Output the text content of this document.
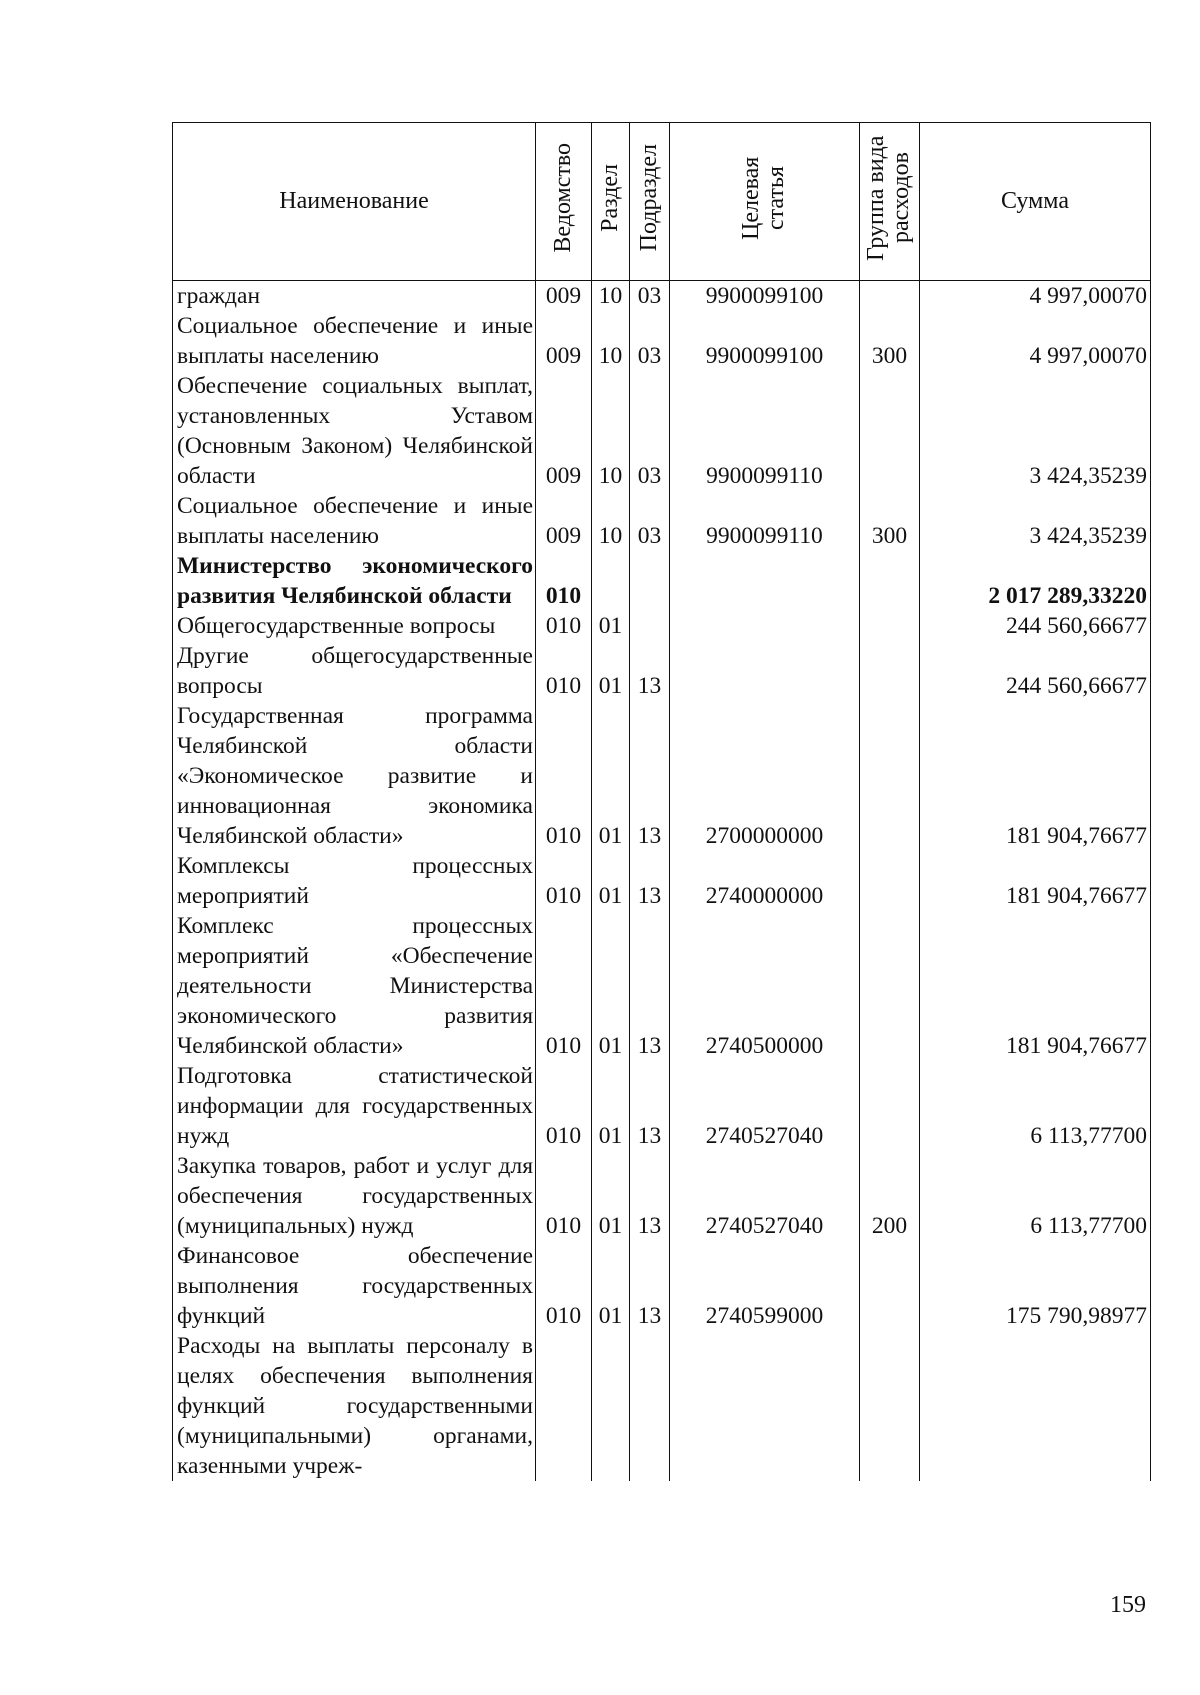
Наименование	Ведомство	Раздел	Подраздел	Целевая статья	Группа вида расходов	Сумма
граждан	009	10	03	9900099100		4 997,00070
Социальное обеспечение и иные выплаты населению	009	10	03	9900099100	300	4 997,00070
Обеспечение социальных выплат, установленных Уставом (Основным Законом) Челябинской области	009	10	03	9900099110		3 424,35239
Социальное обеспечение и иные выплаты населению	009	10	03	9900099110	300	3 424,35239
Министерство экономического развития Челябинской области	010					2 017 289,33220
Общегосударственные вопросы	010	01				244 560,66677
Другие общегосударственные вопросы	010	01	13			244 560,66677
Государственная программа Челябинской области «Экономическое развитие и инновационная экономика Челябинской области»	010	01	13	2700000000		181 904,76677
Комплексы процессных мероприятий	010	01	13	2740000000		181 904,76677
Комплекс процессных мероприятий «Обеспечение деятельности Министерства экономического развития Челябинской области»	010	01	13	2740500000		181 904,76677
Подготовка статистической информации для государственных нужд	010	01	13	2740527040		6 113,77700
Закупка товаров, работ и услуг для обеспечения государственных (муниципальных) нужд	010	01	13	2740527040	200	6 113,77700
Финансовое обеспечение выполнения государственных функций	010	01	13	2740599000		175 790,98977
Расходы на выплаты персоналу в целях обеспечения выполнения функций государственными (муниципальными) органами, казенными учреж-						
159
